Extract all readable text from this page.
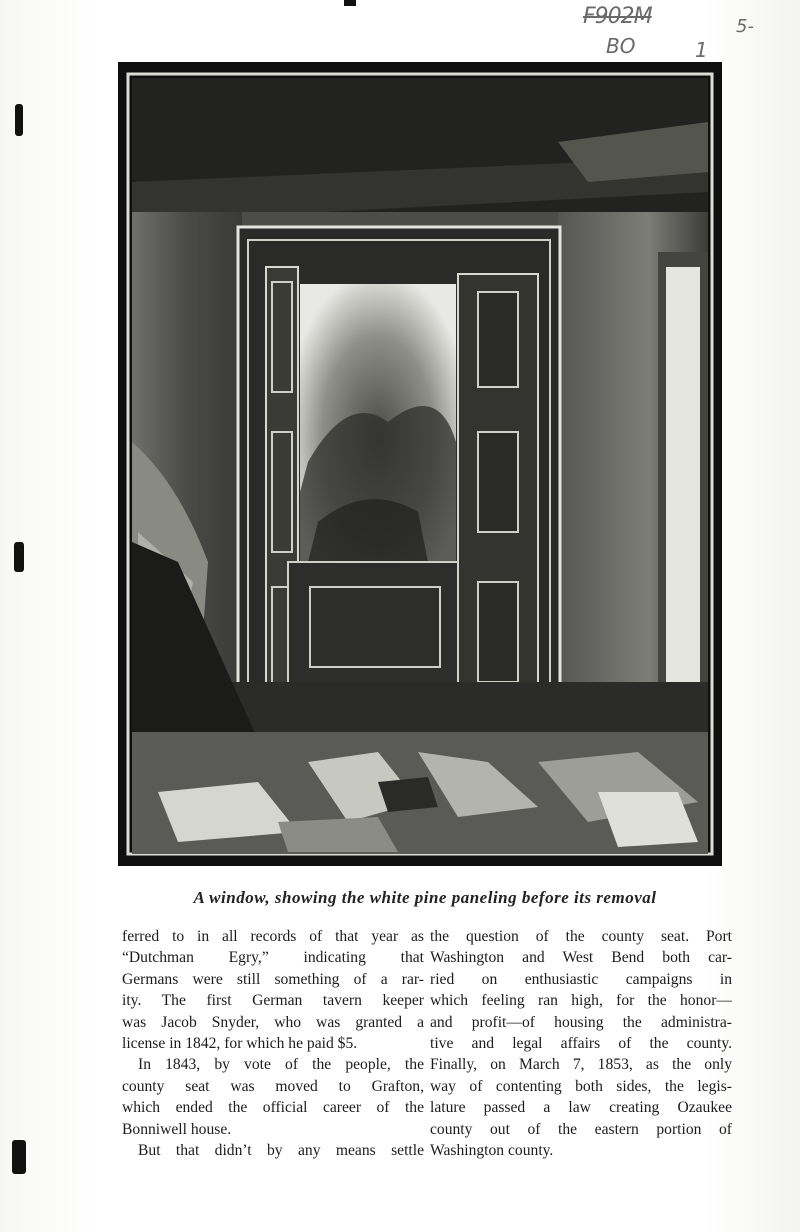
F902M
BO	1
5-
A window, showing the white pine paneling before its removal
ferred to in all records of that year as
“Dutchman Egry,” indicating that
Germans were still something of a rar-
ity. The first German tavern keeper
was Jacob Snyder, who was granted a
license in 1842, for which he paid $5.
In 1843, by vote of the people, the
county seat was moved to Grafton,
which ended the official career of the
Bonniwell house.
But that didn’t by any means settle
the question of the county seat. Port
Washington and West Bend both car-
ried on enthusiastic campaigns in
which feeling ran high, for the honor—
and profit—of housing the administra-
tive and legal affairs of the county.
Finally, on March 7, 1853, as the only
way of contenting both sides, the legis-
lature passed a law creating Ozaukee
county out of the eastern portion of
Washington county.
